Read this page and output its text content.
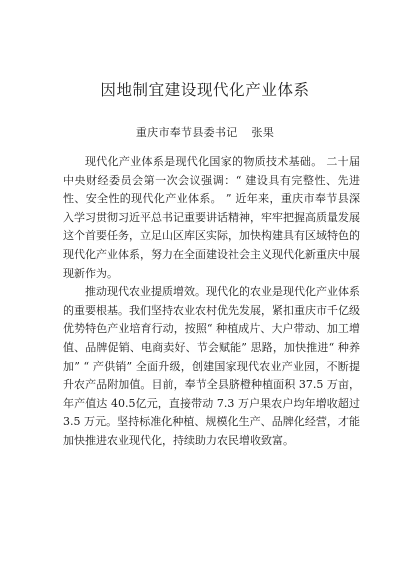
因地制宜建设现代化产业体系
重庆市奉节县委书记 张果

现代化产业体系是现代化国家的物质技术基础。 二十届中央财经委员会第一次会议强调：“ 建设具有完整性、先进性、安全性的现代化产业体系。 ” 近年来，重庆市奉节县深入学习贯彻习近平总书记重要讲话精神，牢牢把握高质量发展这个首要任务，立足山区库区实际，加快构建具有区域特色的现代化产业体系，努力在全面建设社会主义现代化新重庆中展现新作为。

推动现代农业提质增效。现代化的农业是现代化产业体系的重要根基。我们坚持农业农村优先发展，紧扣重庆市千亿级优势特色产业培育行动，按照“ 种植成片、大户带动、加工增值、品牌促销、电商卖好、节会赋能” 思路，加快推进“ 种养加” “ 产供销” 全面升级，创建国家现代农业产业园，不断提升农产品附加值。目前，奉节全县脐橙种植面积 37.5 万亩，年产值达 40.5亿元，直接带动 7.3 万户果农户均年增收超过 3.5 万元。坚持标准化种植、规模化生产、品牌化经营，才能加快推进农业现代化，持续助力农民增收致富。
